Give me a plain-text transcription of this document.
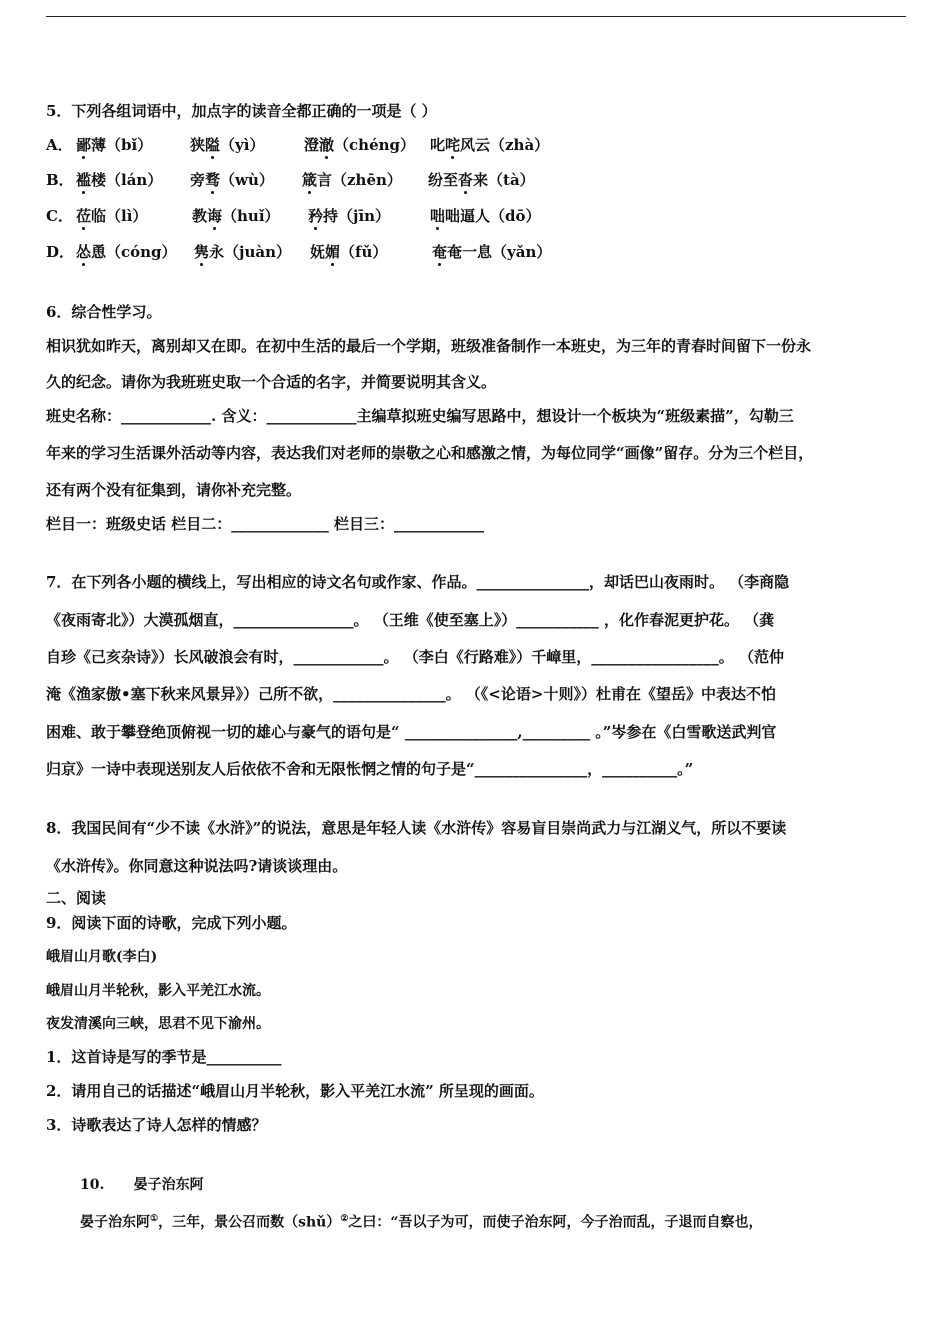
5．下列各组词语中，加点字的读音全都正确的一项是（ ）
A． 鄙薄（bǐ）	狭隘（yì）	澄澈（chéng） 叱咤风云（zhà）
B． 褴楼（lán） 旁骛（wù） 箴言（zhēn） 纷至沓来（tà）
C． 莅临（lì）	教诲（huǐ） 矜持（jīn）	咄咄逼人（dō）
D． 怂恿（cóng） 隽永（juàn） 妩媚（fǔ）	奄奄一息（yǎn）
6．综合性学习。
相识犹如昨天，离别却又在即。在初中生活的最后一个学期，班级准备制作一本班史，为三年的青春时间留下一份永
久的纪念。请你为我班班史取一个合适的名字，并简要说明其含义。
班史名称：____________. 含义：____________主编草拟班史编写思路中，想设计一个板块为“班级素描”，勾勒三
年来的学习生活课外活动等内容，表达我们对老师的崇敬之心和感激之情，为每位同学“画像”留存。分为三个栏目，
还有两个没有征集到，请你补充完整。
栏目一：班级史话 栏目二：_____________ 栏目三：____________
7．在下列各小题的横线上，写出相应的诗文名句或作家、作品。_______________，却话巴山夜雨时。 （李商隐
《夜雨寄北》）大漠孤烟直，________________。 （王维《使至塞上》）___________ ，化作春泥更护花。 （龚
自珍《己亥杂诗》）长风破浪会有时，____________。 （李白《行路难》）千嶂里，_________________。 （范仲
淹《渔家傲•塞下秋来风景异》）己所不欲，_______________。 （《<论语>十则》）杜甫在《望岳》中表达不怕
困难、敢于攀登绝顶俯视一切的雄心与豪气的语句是“ _______________,_________ 。”岑参在《白雪歌送武判官
归京》一诗中表现送别友人后依依不舍和无限怅惘之情的句子是“_______________，__________。”
8．我国民间有“少不读《水浒》”的说法，意思是年轻人读《水浒传》容易盲目崇尚武力与江湖义气，所以不要读
《水浒传》。你同意这种说法吗?请谈谈理由。
二、阅读
9．阅读下面的诗歌，完成下列小题。
峨眉山月歌(李白)
峨眉山月半轮秋，影入平羌江水流。
夜发清溪向三峡，思君不见下渝州。
1．这首诗是写的季节是__________
2．请用自己的话描述“峨眉山月半轮秋，影入平羌江水流” 所呈现的画面。
3．诗歌表达了诗人怎样的情感？
10.      晏子治东阿
晏子治东阿①，三年，景公召而数（shǔ）②之曰：“吾以子为可，而使子治东阿，今子治而乱，子退而自察也，
